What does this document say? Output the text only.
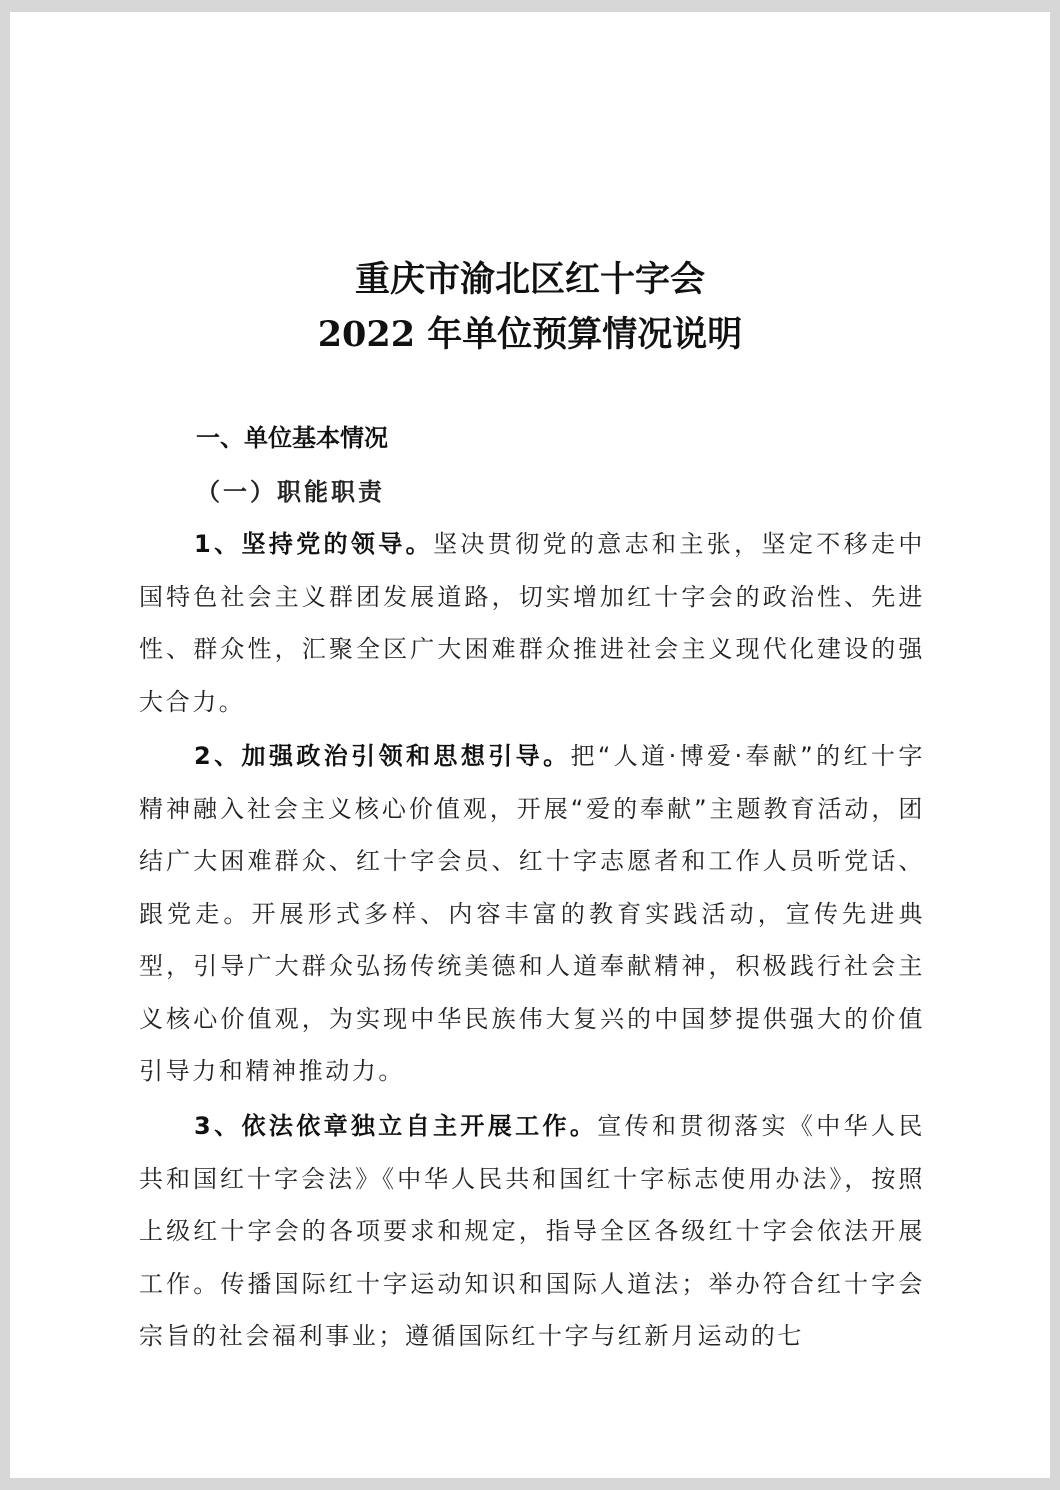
重庆市渝北区红十字会
2022 年单位预算情况说明
一、单位基本情况
（一）职能职责

1、坚持党的领导。坚决贯彻党的意志和主张，坚定不移走中国特色社会主义群团发展道路，切实增加红十字会的政治性、先进性、群众性，汇聚全区广大困难群众推进社会主义现代化建设的强大合力。

2、加强政治引领和思想引导。把“人道·博爱·奉献”的红十字精神融入社会主义核心价值观，开展“爱的奉献”主题教育活动，团结广大困难群众、红十字会员、红十字志愿者和工作人员听党话、跟党走。开展形式多样、内容丰富的教育实践活动，宣传先进典型，引导广大群众弘扬传统美德和人道奉献精神，积极践行社会主义核心价值观，为实现中华民族伟大复兴的中国梦提供强大的价值引导力和精神推动力。

3、依法依章独立自主开展工作。宣传和贯彻落实《中华人民共和国红十字会法》《中华人民共和国红十字标志使用办法》，按照上级红十字会的各项要求和规定，指导全区各级红十字会依法开展工作。传播国际红十字运动知识和国际人道法；举办符合红十字会宗旨的社会福利事业；遵循国际红十字与红新月运动的七
